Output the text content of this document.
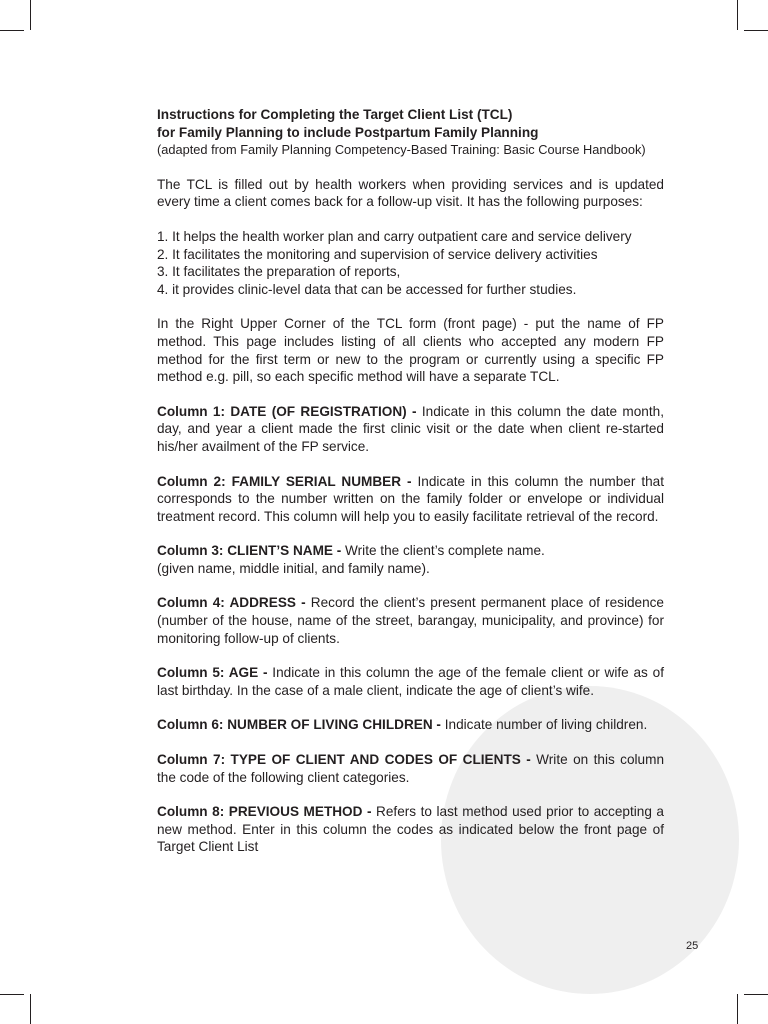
Instructions for Completing the Target Client List (TCL)

for Family Planning to include Postpartum Family Planning

(adapted from Family Planning Competency-Based Training: Basic Course Handbook)

The TCL is filled out by health workers when providing services and is updated every time a client comes back for a follow-up visit. It has the following purposes:

1. It helps the health worker plan and carry outpatient care and service delivery
2. It facilitates the monitoring and supervision of service delivery activities
3. It facilitates the preparation of reports,
4. it provides clinic-level data that can be accessed for further studies.

In the Right Upper Corner of the TCL form (front page) - put the name of FP method. This page includes listing of all clients who accepted any modern FP method for the first term or new to the program or currently using a specific FP method e.g. pill, so each specific method will have a separate TCL.

Column 1: DATE (OF REGISTRATION) - Indicate in this column the date month, day, and year a client made the first clinic visit or the date when client re-started his/her availment of the FP service.

Column 2: FAMILY SERIAL NUMBER - Indicate in this column the number that corresponds to the number written on the family folder or envelope or individual treatment record. This column will help you to easily facilitate retrieval of the record.

Column 3: CLIENT’S NAME - Write the client’s complete name.

(given name, middle initial, and family name).

Column 4: ADDRESS - Record the client’s present permanent place of residence (number of the house, name of the street, barangay, municipality, and province) for monitoring follow-up of clients.

Column 5: AGE - Indicate in this column the age of the female client or wife as of last birthday. In the case of a male client, indicate the age of client’s wife.

Column 6: NUMBER OF LIVING CHILDREN - Indicate number of living children.

Column 7: TYPE OF CLIENT AND CODES OF CLIENTS - Write on this column the code of the following client categories.

Column 8: PREVIOUS METHOD - Refers to last method used prior to accepting a new method. Enter in this column the codes as indicated below the front page of Target Client List

25
